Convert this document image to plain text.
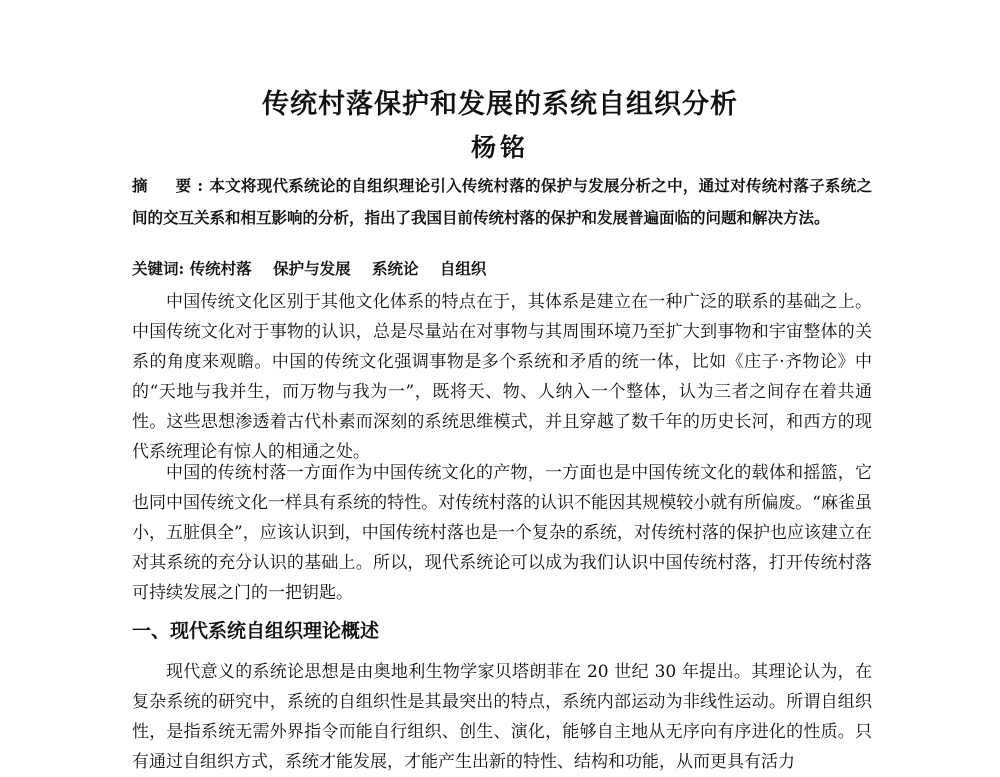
传统村落保护和发展的系统自组织分析
杨铭
摘　要:本文将现代系统论的自组织理论引入传统村落的保护与发展分析之中，通过对传统村落子系统之间的交互关系和相互影响的分析，指出了我国目前传统村落的保护和发展普遍面临的问题和解决方法。
关键词: 传统村落 保护与发展 系统论 自组织

中国传统文化区别于其他文化体系的特点在于，其体系是建立在一种广泛的联系的基础之上。中国传统文化对于事物的认识，总是尽量站在对事物与其周围环境乃至扩大到事物和宇宙整体的关系的角度来观瞻。中国的传统文化强调事物是多个系统和矛盾的统一体，比如《庄子·齐物论》中的“天地与我并生，而万物与我为一”，既将天、物、人纳入一个整体，认为三者之间存在着共通性。这些思想渗透着古代朴素而深刻的系统思维模式，并且穿越了数千年的历史长河，和西方的现代系统理论有惊人的相通之处。

中国的传统村落一方面作为中国传统文化的产物，一方面也是中国传统文化的载体和摇篮，它也同中国传统文化一样具有系统的特性。对传统村落的认识不能因其规模较小就有所偏废。“麻雀虽小，五脏俱全”，应该认识到，中国传统村落也是一个复杂的系统，对传统村落的保护也应该建立在对其系统的充分认识的基础上。所以，现代系统论可以成为我们认识中国传统村落，打开传统村落可持续发展之门的一把钥匙。

一、现代系统自组织理论概述

现代意义的系统论思想是由奥地利生物学家贝塔朗菲在 20 世纪 30 年提出。其理论认为，在复杂系统的研究中，系统的自组织性是其最突出的特点，系统内部运动为非线性运动。所谓自组织性，是指系统无需外界指令而能自行组织、创生、演化，能够自主地从无序向有序进化的性质。只有通过自组织方式，系统才能发展，才能产生出新的特性、结构和功能，从而更具有活力
